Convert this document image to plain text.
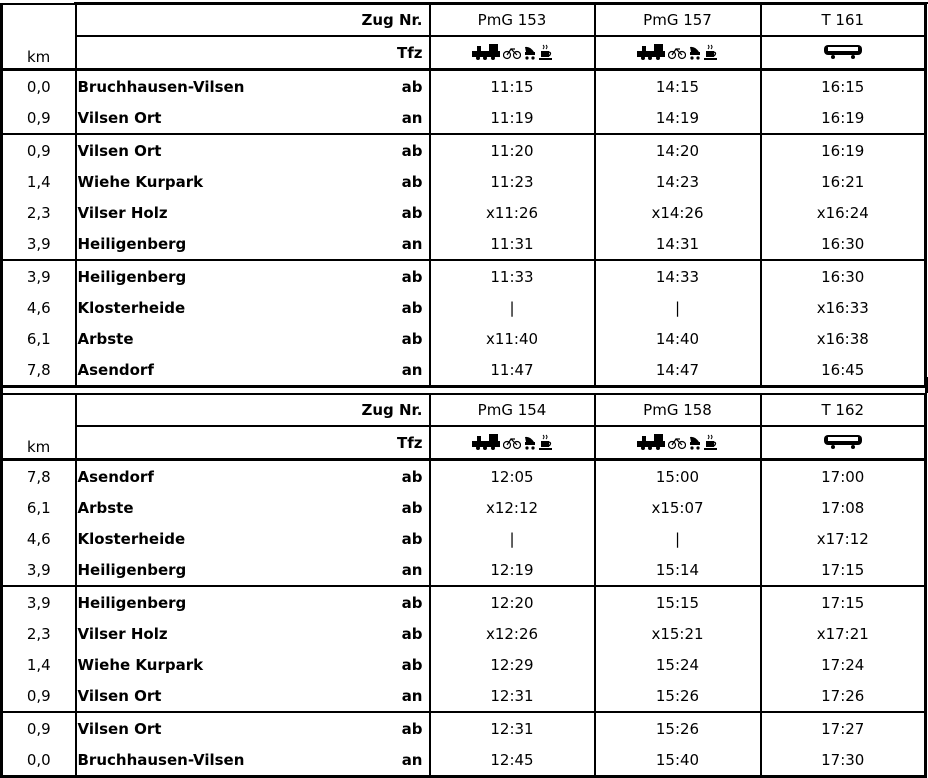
	Zug Nr.		PmG 153	PmG 157	T 161
km	Tfz	

0,0	Bruchhausen-Vilsen	ab	11:15	14:15	16:15
0,9	Vilsen Ort	an	11:19	14:19	16:19
0,9	Vilsen Ort	ab	11:20	14:20	16:19
1,4	Wiehe Kurpark	ab	11:23	14:23	16:21
2,3	Vilser Holz	ab	x11:26	x14:26	x16:24
3,9	Heiligenberg	an	11:31	14:31	16:30
3,9	Heiligenberg	ab	11:33	14:33	16:30
4,6	Klosterheide	ab	|	|	x16:33
6,1	Arbste	ab	x11:40	14:40	x16:38
7,8	Asendorf	an	11:47	14:47	16:45
	Zug Nr.		PmG 154	PmG 158	T 162
km	Tfz	

7,8	Asendorf	ab	12:05	15:00	17:00
6,1	Arbste	ab	x12:12	x15:07	17:08
4,6	Klosterheide	ab	|	|	x17:12
3,9	Heiligenberg	an	12:19	15:14	17:15
3,9	Heiligenberg	ab	12:20	15:15	17:15
2,3	Vilser Holz	ab	x12:26	x15:21	x17:21
1,4	Wiehe Kurpark	ab	12:29	15:24	17:24
0,9	Vilsen Ort	an	12:31	15:26	17:26
0,9	Vilsen Ort	ab	12:31	15:26	17:27
0,0	Bruchhausen-Vilsen	an	12:45	15:40	17:30
